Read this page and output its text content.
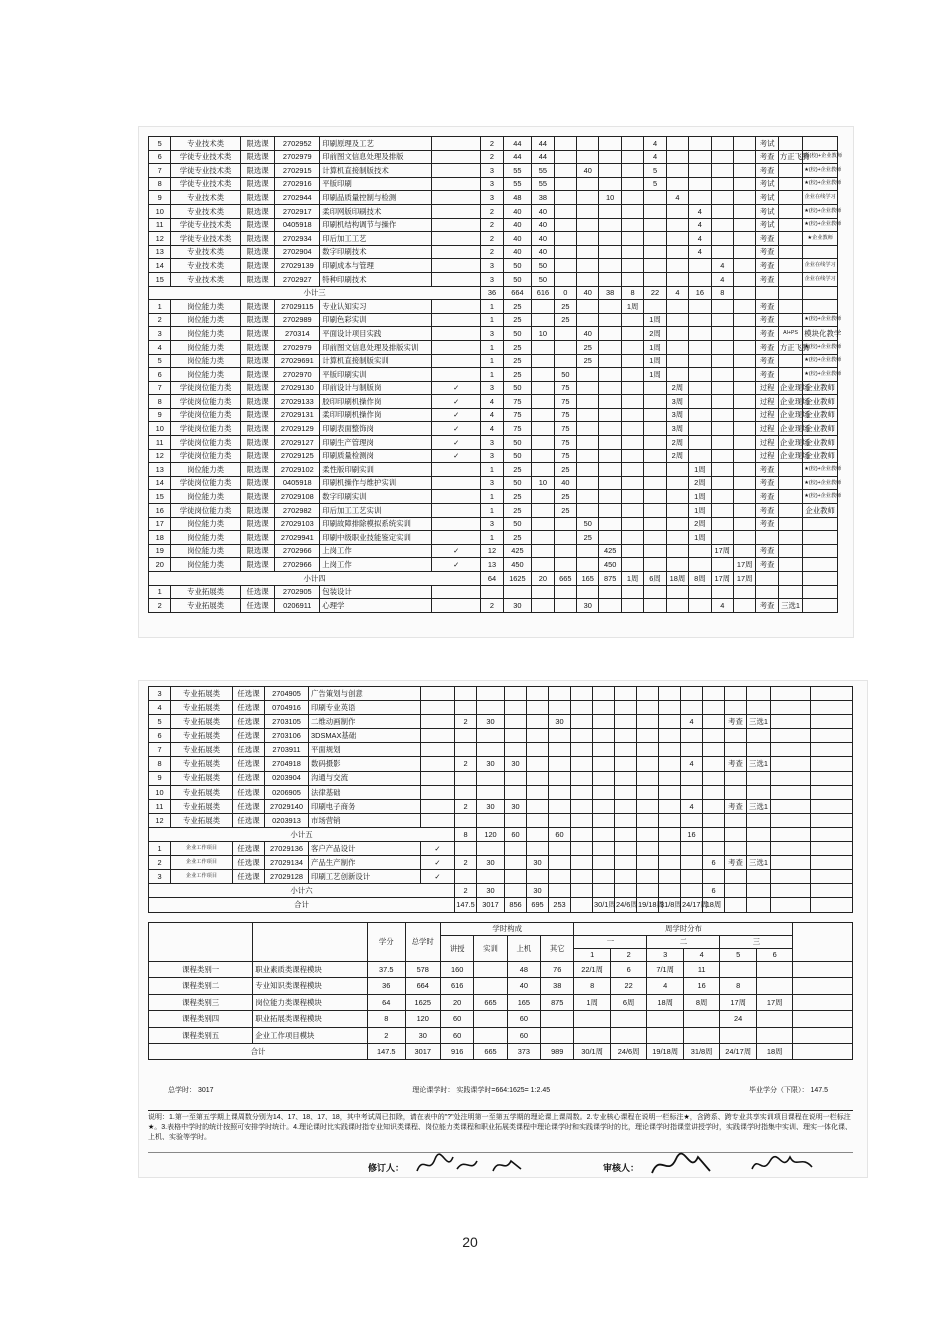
5	专业技术类	限选课	2702952	印刷原理及工艺		2	44	44					4					考试		
6	学徒专业技术类	限选课	2702979	印前图文信息处理及排版		2	44	44					4					考查	方正飞腾	所(校)+企业教师
7	学徒专业技术类	限选课	2702915	计算机直接制版技术		3	55	55		40			5					考查		★(校)+企业教师
8	学徒专业技术类	限选课	2702916	平版印刷		3	55	55					5					考试		★(校)+企业教师
9	专业技术类	限选课	2702944	印刷品质量控制与检测		3	48	38			10			4				考试		企业在线学习
10	专业技术类	限选课	2702917	柔印网版印刷技术		2	40	40							4			考试		★(校)+企业教师
11	学徒专业技术类	限选课	0405918	印刷机结构调节与操作		2	40	40							4			考试		★(校)+企业教师
12	学徒专业技术类	限选课	2702934	印后加工工艺		2	40	40							4			考查		★企业教师
13	专业技术类	限选课	2702904	数字印刷技术		2	40	40							4			考查		
14	专业技术类	限选课	27029139	印刷成本与管理		3	50	50								4		考查		企业在线学习
15	专业技术类	限选课	2702927	特种印刷技术		3	50	50								4		考查		企业在线学习
小计三						36	664	616	0	40	38	8	22	4	16	8				
1	岗位能力类	限选课	27029115	专业认知实习		1	25		25			1周						考查		
2	岗位能力类	限选课	2702989	印刷色彩实训		1	25		25				1周					考查		★(校)+企业教师
3	岗位能力类	限选课	270314	平面设计项目实践		3	50	10		40			2周					考查	AI+PS	模块化教学
4	岗位能力类	限选课	2702979	印前图文信息处理及排版实训		1	25			25			1周					考查	方正飞腾	★(校)+企业教师
5	岗位能力类	限选课	27029691	计算机直接制版实训		1	25			25			1周					考查		★(校)+企业教师
6	岗位能力类	限选课	2702970	平版印刷实训		1	25		50				1周					考查		★(校)+企业教师
7	学徒岗位能力类	限选课	27029130	印前设计与制版岗	✓	3	50		75					2周				过程	企业现场	企业教师
8	学徒岗位能力类	限选课	27029133	胶印印刷机操作岗	✓	4	75		75					3周				过程	企业现场	企业教师
9	学徒岗位能力类	限选课	27029131	柔印印刷机操作岗	✓	4	75		75					3周				过程	企业现场	企业教师
10	学徒岗位能力类	限选课	27029129	印刷表面整饰岗	✓	4	75		75					3周				过程	企业现场	企业教师
11	学徒岗位能力类	限选课	27029127	印刷生产管理岗	✓	3	50		75					2周				过程	企业现场	企业教师
12	学徒岗位能力类	限选课	27029125	印刷质量检测岗	✓	3	50		75					2周				过程	企业现场	企业教师
13	岗位能力类	限选课	27029102	柔性版印刷实训		1	25		25						1周			考查		★(校)+企业教师
14	学徒岗位能力类	限选课	0405918	印刷机操作与维护实训		3	50	10	40						2周			考查		★(校)+企业教师
15	岗位能力类	限选课	27029108	数字印刷实训		1	25		25						1周			考查		★(校)+企业教师
16	学徒岗位能力类	限选课	2702982	印后加工工艺实训		1	25		25						1周			考查		企业教师
17	岗位能力类	限选课	27029103	印刷故障排除模拟系统实训		3	50			50					2周			考查		
18	岗位能力类	限选课	27029941	印刷中级职业技能鉴定实训		1	25			25					1周					
19	岗位能力类	限选课	2702966	上岗工作	✓	12	425				425					17周		考查		
20	岗位能力类	限选课	2702966	上岗工作	✓	13	450				450						17周	考查		
小计四						64	1625	20	665	165	875	1周	6周	18周	8周	17周	17周			
1	专业拓展类	任选课	2702905	包装设计																
2	专业拓展类	任选课	0206911	心理学		2	30			30						4		考查	三选1	
3	专业拓展类	任选课	2704905	广告策划与创意																	
4	专业拓展类	任选课	0704916	印刷专业英语																	
5	专业拓展类	任选课	2703105	二维动画制作		2	30			30						4		考查	三选1		
6	专业拓展类	任选课	2703106	3DSMAX基础																	
7	专业拓展类	任选课	2703911	平面规划																	
8	专业拓展类	任选课	2704918	数码摄影		2	30	30								4		考查	三选1		
9	专业拓展类	任选课	0203904	沟通与交流																	
10	专业拓展类	任选课	0206905	法律基础																	
11	专业拓展类	任选课	27029140	印刷电子商务		2	30	30								4		考查	三选1		
12	专业拓展类	任选课	0203913	市场营销																	
小计五						8	120	60		60						16					
1	企业工作项目	任选课	27029136	客户产品设计	✓																
2	企业工作项目	任选课	27029134	产品生产制作	✓	2	30		30								6	考查	三选1		
3	企业工作项目	任选课	27029128	印刷工艺创新设计	✓																
小计六						2	30		30								6				
合计						147.5	3017	856	695	253		30/1周	24/6周	19/18周	31/8周	24/17周	18周				
		学分	总学时	学时构成				周学时分布						
				讲授	实训	上机	其它	一		二		三		
								1	2	3	4	5	6	
课程类别一	职业素质类课程模块	37.5	578	160		48	76	22/1周	6	7/1周	11			
课程类别二	专业知识类课程模块	36	664	616		40	38	8	22	4	16	8		
课程类别三	岗位能力类课程模块	64	1625	20	665	165	875	1周	6周	18周	8周	17周	17周	
课程类别四	职业拓展类课程模块	8	120	60		60						24		
课程类别五	企业工作项目模块	2	30	60		60								
合计		147.5	3017	916	665	373	989	30/1周	24/6周	19/18周	31/8周	24/17周	18周	
总学时： 3017	理论课学时： 实践课学时=664:1625= 1:2.45	毕业学分（下限）： 147.5
说明：1.第一至第五学期上课周数分别为14、17、18、17、18，其中考试周已扣除，请在表中的"?"处注明第一至第五学期的理论课上课周数。2.专业核心课程在说明一栏标注★，含跨系、跨专业共享实训项目课程在说明一栏标注★。3.表格中学时的统计按照可安排学时统计。4.理论课时比实践课时指专业知识类课程、岗位能力类课程和职业拓展类课程中理论课学时和实践课学时的比，理论课学时指课堂讲授学时，实践课学时指集中实训、理实一体化课、上机、实验等学时。
修订人：	审核人：
20
